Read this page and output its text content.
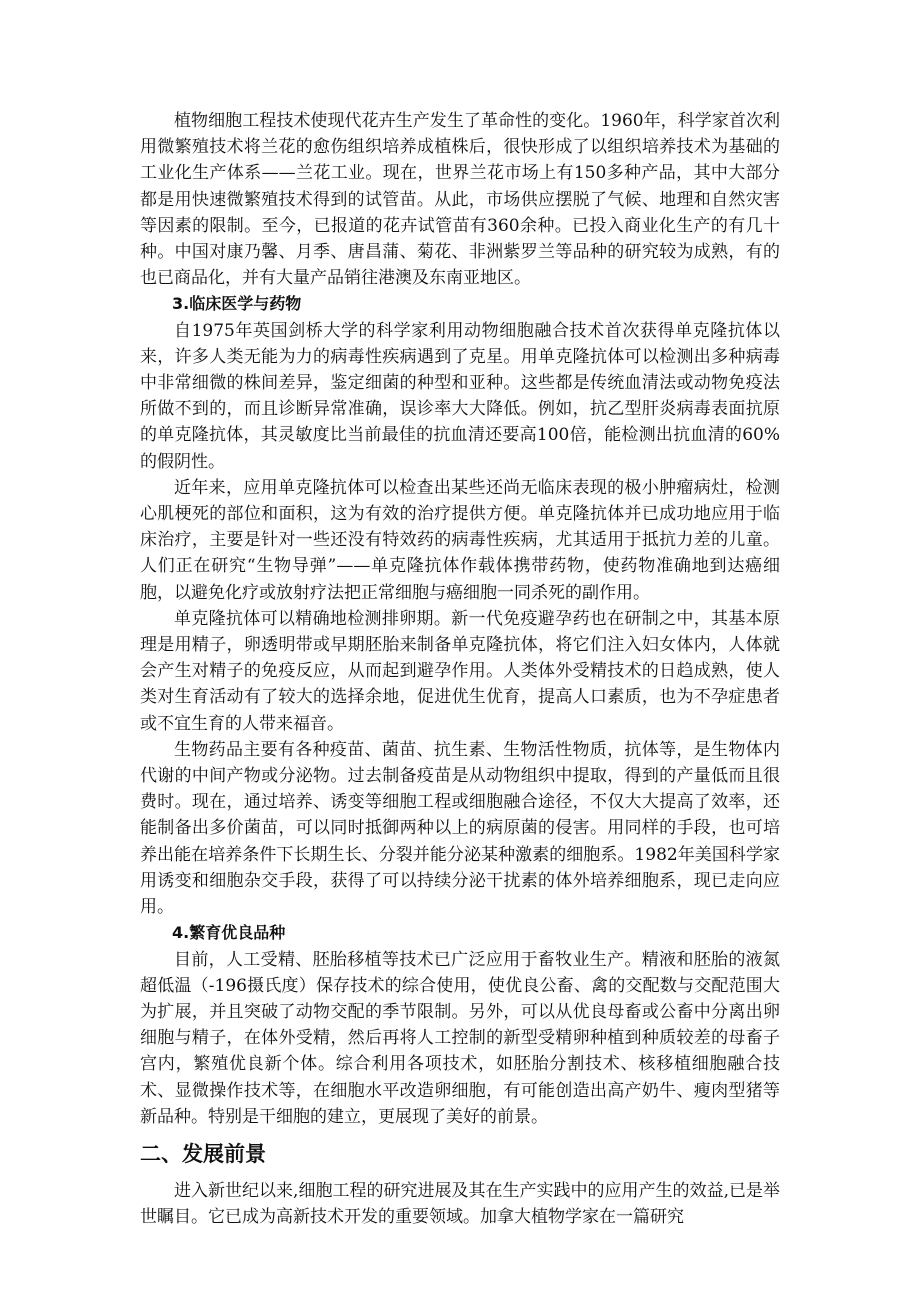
植物细胞工程技术使现代花卉生产发生了革命性的变化。1960年，科学家首次利用微繁殖技术将兰花的愈伤组织培养成植株后，很快形成了以组织培养技术为基础的工业化生产体系——兰花工业。现在，世界兰花市场上有150多种产品，其中大部分都是用快速微繁殖技术得到的试管苗。从此，市场供应摆脱了气候、地理和自然灾害等因素的限制。至今，已报道的花卉试管苗有360余种。已投入商业化生产的有几十种。中国对康乃馨、月季、唐昌蒲、菊花、非洲紫罗兰等品种的研究较为成熟，有的也已商品化，并有大量产品销往港澳及东南亚地区。

3.临床医学与药物

自1975年英国剑桥大学的科学家利用动物细胞融合技术首次获得单克隆抗体以来，许多人类无能为力的病毒性疾病遇到了克星。用单克隆抗体可以检测出多种病毒中非常细微的株间差异，鉴定细菌的种型和亚种。这些都是传统血清法或动物免疫法所做不到的，而且诊断异常准确，误诊率大大降低。例如，抗乙型肝炎病毒表面抗原的单克隆抗体，其灵敏度比当前最佳的抗血清还要高100倍，能检测出抗血清的60%的假阴性。

近年来，应用单克隆抗体可以检查出某些还尚无临床表现的极小肿瘤病灶，检测心肌梗死的部位和面积，这为有效的治疗提供方便。单克隆抗体并已成功地应用于临床治疗，主要是针对一些还没有特效药的病毒性疾病，尤其适用于抵抗力差的儿童。人们正在研究“生物导弹”——单克隆抗体作载体携带药物，使药物准确地到达癌细胞，以避免化疗或放射疗法把正常细胞与癌细胞一同杀死的副作用。

单克隆抗体可以精确地检测排卵期。新一代免疫避孕药也在研制之中，其基本原理是用精子，卵透明带或早期胚胎来制备单克隆抗体，将它们注入妇女体内，人体就会产生对精子的免疫反应，从而起到避孕作用。人类体外受精技术的日趋成熟，使人类对生育活动有了较大的选择余地，促进优生优育，提高人口素质，也为不孕症患者或不宜生育的人带来福音。

生物药品主要有各种疫苗、菌苗、抗生素、生物活性物质，抗体等，是生物体内代谢的中间产物或分泌物。过去制备疫苗是从动物组织中提取，得到的产量低而且很费时。现在，通过培养、诱变等细胞工程或细胞融合途径，不仅大大提高了效率，还能制备出多价菌苗，可以同时抵御两种以上的病原菌的侵害。用同样的手段，也可培养出能在培养条件下长期生长、分裂并能分泌某种激素的细胞系。1982年美国科学家用诱变和细胞杂交手段，获得了可以持续分泌干扰素的体外培养细胞系，现已走向应用。

4.繁育优良品种

目前，人工受精、胚胎移植等技术已广泛应用于畜牧业生产。精液和胚胎的液氮超低温（-196摄氏度）保存技术的综合使用，使优良公畜、禽的交配数与交配范围大为扩展，并且突破了动物交配的季节限制。另外，可以从优良母畜或公畜中分离出卵细胞与精子，在体外受精，然后再将人工控制的新型受精卵种植到种质较差的母畜子宫内，繁殖优良新个体。综合利用各项技术，如胚胎分割技术、核移植细胞融合技术、显微操作技术等，在细胞水平改造卵细胞，有可能创造出高产奶牛、瘦肉型猪等新品种。特别是干细胞的建立，更展现了美好的前景。

二、发展前景

进入新世纪以来,细胞工程的研究进展及其在生产实践中的应用产生的效益,已是举世瞩目。它已成为高新技术开发的重要领域。加拿大植物学家在一篇研究
